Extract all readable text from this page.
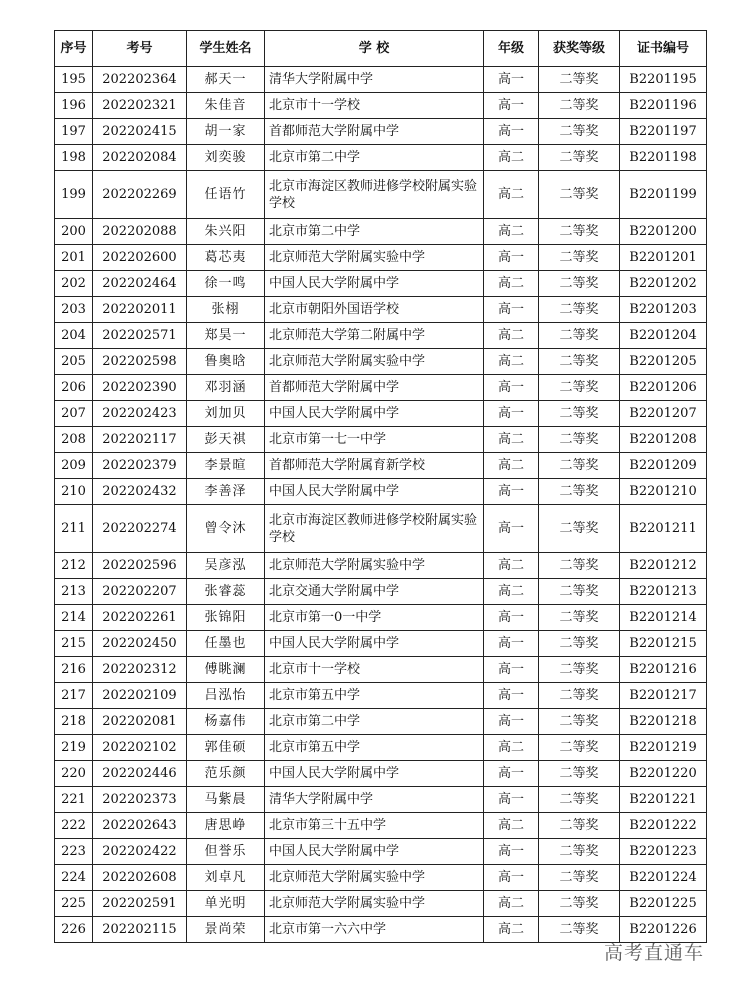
序号	考号	学生姓名	学 校	年级	获奖等级	证书编号
195	202202364	郝天一	清华大学附属中学	高一	二等奖	B2201195
196	202202321	朱佳音	北京市十一学校	高一	二等奖	B2201196
197	202202415	胡一家	首都师范大学附属中学	高一	二等奖	B2201197
198	202202084	刘奕骏	北京市第二中学	高二	二等奖	B2201198
199	202202269	任语竹	北京市海淀区教师进修学校附属实验学校	高二	二等奖	B2201199
200	202202088	朱兴阳	北京市第二中学	高二	二等奖	B2201200
201	202202600	葛芯夷	北京师范大学附属实验中学	高一	二等奖	B2201201
202	202202464	徐一鸣	中国人民大学附属中学	高二	二等奖	B2201202
203	202202011	张栩	北京市朝阳外国语学校	高一	二等奖	B2201203
204	202202571	郑昊一	北京师范大学第二附属中学	高二	二等奖	B2201204
205	202202598	鲁奥晗	北京师范大学附属实验中学	高二	二等奖	B2201205
206	202202390	邓羽涵	首都师范大学附属中学	高一	二等奖	B2201206
207	202202423	刘加贝	中国人民大学附属中学	高一	二等奖	B2201207
208	202202117	彭天祺	北京市第一七一中学	高二	二等奖	B2201208
209	202202379	李景暄	首都师范大学附属育新学校	高二	二等奖	B2201209
210	202202432	李善泽	中国人民大学附属中学	高一	二等奖	B2201210
211	202202274	曾令沐	北京市海淀区教师进修学校附属实验学校	高一	二等奖	B2201211
212	202202596	吴彦泓	北京师范大学附属实验中学	高二	二等奖	B2201212
213	202202207	张睿蕊	北京交通大学附属中学	高二	二等奖	B2201213
214	202202261	张锦阳	北京市第一0一中学	高一	二等奖	B2201214
215	202202450	任墨也	中国人民大学附属中学	高一	二等奖	B2201215
216	202202312	傅眺澜	北京市十一学校	高一	二等奖	B2201216
217	202202109	吕泓怡	北京市第五中学	高一	二等奖	B2201217
218	202202081	杨嘉伟	北京市第二中学	高一	二等奖	B2201218
219	202202102	郭佳硕	北京市第五中学	高二	二等奖	B2201219
220	202202446	范乐颜	中国人民大学附属中学	高一	二等奖	B2201220
221	202202373	马紫晨	清华大学附属中学	高一	二等奖	B2201221
222	202202643	唐思峥	北京市第三十五中学	高二	二等奖	B2201222
223	202202422	但誉乐	中国人民大学附属中学	高一	二等奖	B2201223
224	202202608	刘卓凡	北京师范大学附属实验中学	高一	二等奖	B2201224
225	202202591	单光明	北京师范大学附属实验中学	高二	二等奖	B2201225
226	202202115	景尚荣	北京市第一六六中学	高二	二等奖	B2201226
高考直通车
